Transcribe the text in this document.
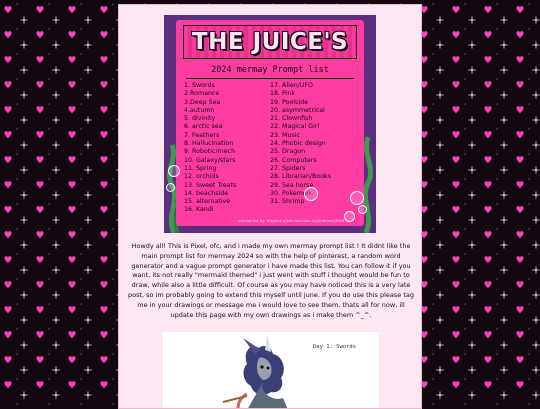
THE JUICE'S
2024 mermay Prompt list
1. Swords
2.Romance
3.Deep Sea
4.autumn
5. divinity
6. arctic sea
7. Feathers
8. Hallucination
9. Robotic/mech
10. Galaxy/stars
11. Spring
12. orchids
13. Sweet Treats
14. beachside
15. alternative
16. Kandi
17. Alien/UFO
18. Pink
19. Poolside
20. asymmetrical
21. Clownfish
22. Magical Girl
23. Music
24. Phobic design
25. Dragon
26. Computers
27. Spiders
28. Librarian/Books
29. Sea horse
30. Pokemon
31. Shrimp
prompt list by: thejuice pixel.neocities.org/mermay2024

Howdy all! This is Pixel, ofc, and i made my own mermay prompt list ! It didnt like the main prompt list for mermay 2024 so with the help of pinterest, a random word generator and a vague prompt generator i have made this list. You can follow it if you want, its not really "mermaid themed" i just went with stuff i thought would be fun to draw, while also a little difficult. Of course as you may have noticed this is a very late post, so im probably going to extend this myself until june. If you do use this please tag me in your drawings or message me i would love to see them. thats all for now, ill update this page with my own drawings as i make them ^_^.

Day 1: Swords
